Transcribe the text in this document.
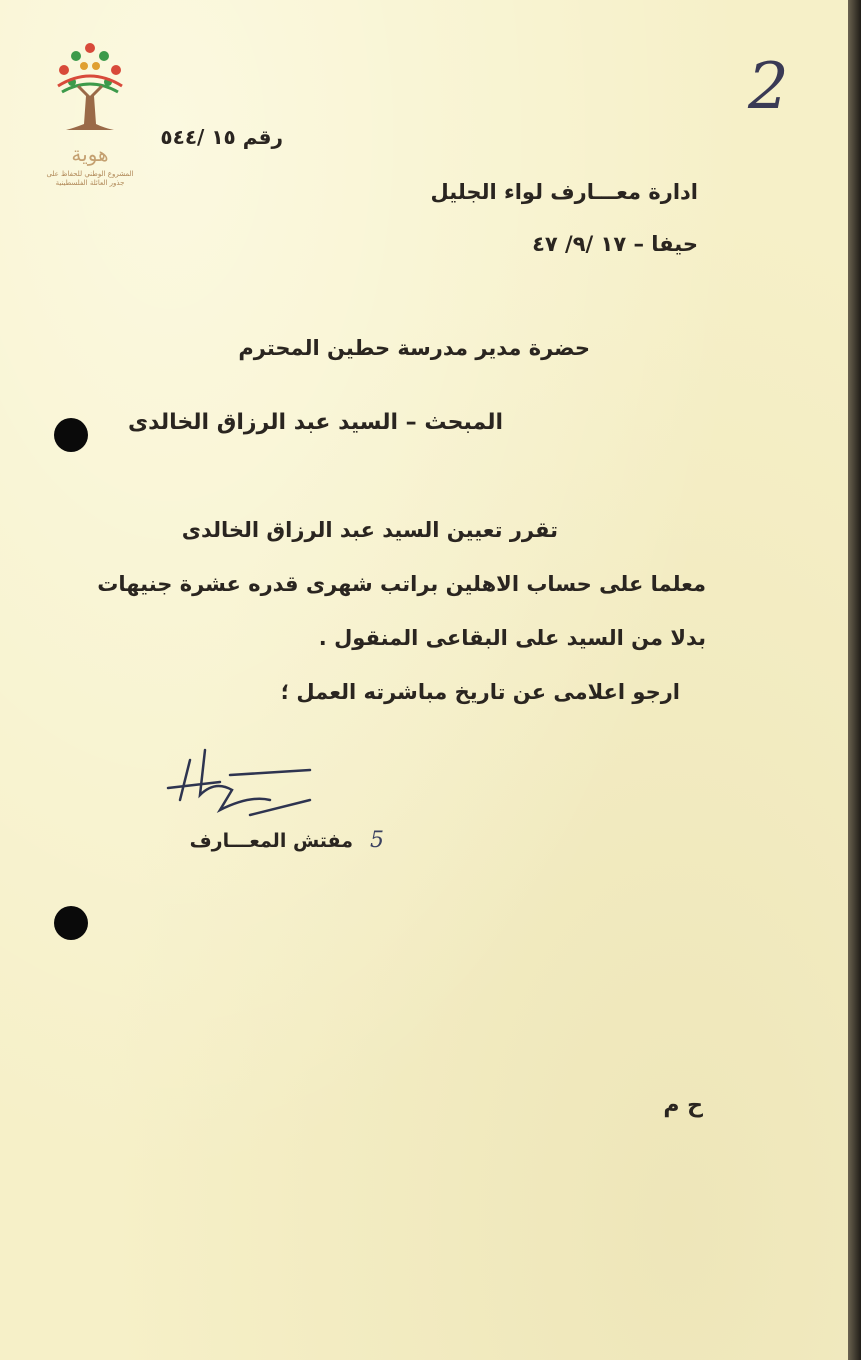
هوية
المشروع الوطني للحفاظ على
جذور العائلة الفلسطينية
2
رقم ١٥ /٥٤٤
ادارة معـــارف لواء الجليل
حيفا – ١٧ /٩/ ٤٧
حضرة مدير مدرسة حطين المحترم
المبحث – السيد عبد الرزاق الخالدى
تقرر تعيين السيد عبد الرزاق الخالدى
معلما على حساب الاهلين براتب شهرى قدره عشرة جنيهات
بدلا من السيد على البقاعى المنقول .
ارجو اعلامى عن تاريخ مباشرته العمل ؛
مفتش المعـــارف 5
ح م
